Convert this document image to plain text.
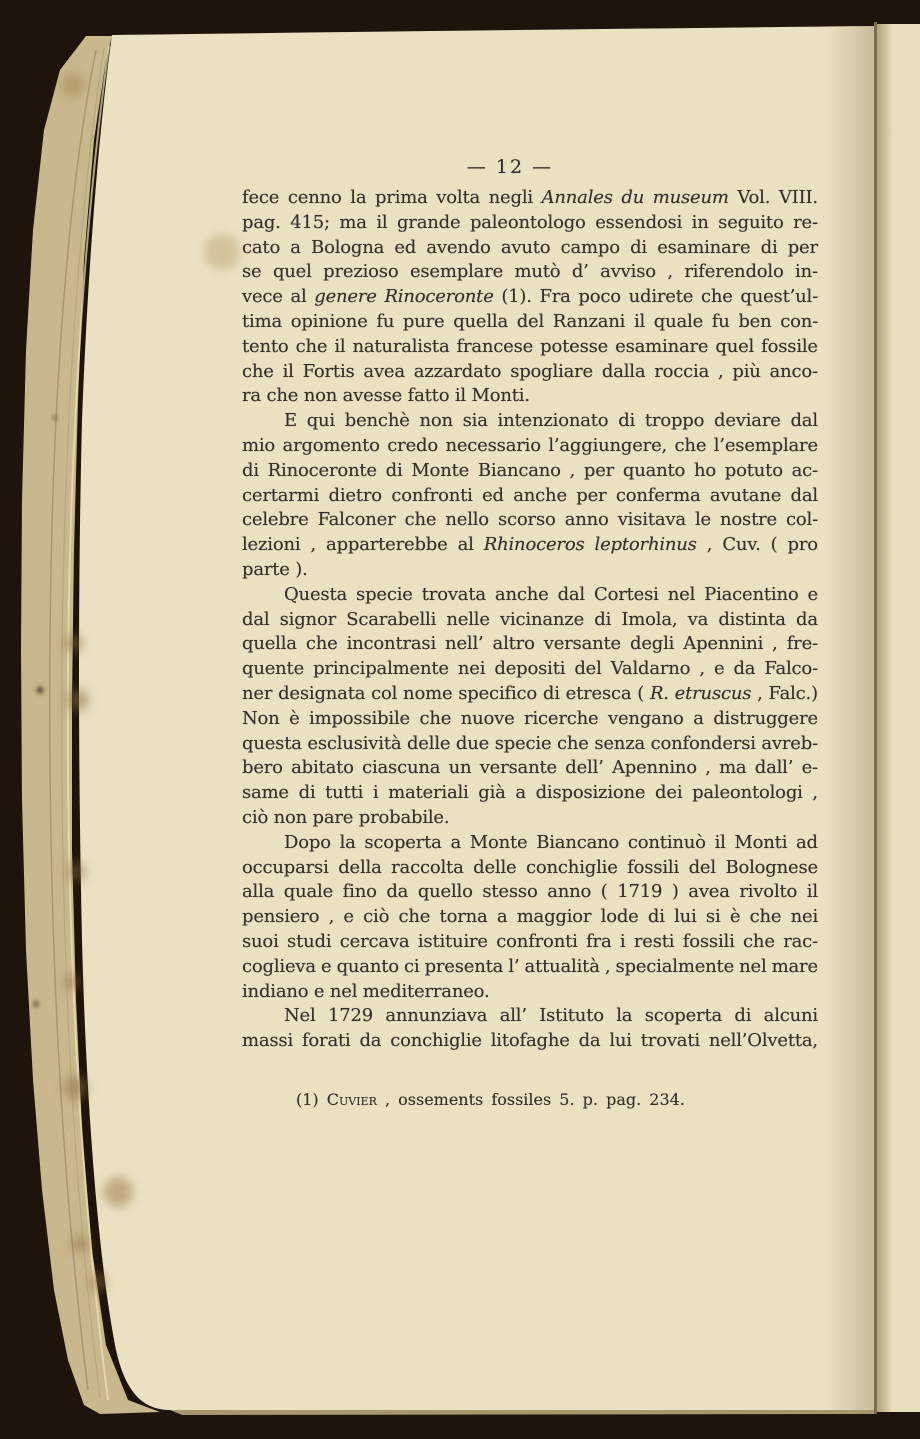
— 12 —
fece cenno la prima volta negli Annales du museum Vol. VIII.
pag. 415; ma il grande paleontologo essendosi in seguito re-
cato a Bologna ed avendo avuto campo di esaminare di per
se quel prezioso esemplare mutò d’ avviso , riferendolo in-
vece al genere Rinoceronte (1). Fra poco udirete che quest’ul-
tima opinione fu pure quella del Ranzani il quale fu ben con-
tento che il naturalista francese potesse esaminare quel fossile
che il Fortis avea azzardato spogliare dalla roccia , più anco-
ra che non avesse fatto il Monti.
E qui benchè non sia intenzionato di troppo deviare dal
mio argomento credo necessario l’aggiungere, che l’esemplare
di Rinoceronte di Monte Biancano , per quanto ho potuto ac-
certarmi dietro confronti ed anche per conferma avutane dal
celebre Falconer che nello scorso anno visitava le nostre col-
lezioni , apparterebbe al Rhinoceros leptorhinus , Cuv. ( pro
parte ).
Questa specie trovata anche dal Cortesi nel Piacentino e
dal signor Scarabelli nelle vicinanze di Imola, va distinta da
quella che incontrasi nell’ altro versante degli Apennini , fre-
quente principalmente nei depositi del Valdarno , e da Falco-
ner designata col nome specifico di etresca ( R. etruscus , Falc.)
Non è impossibile che nuove ricerche vengano a distruggere
questa esclusività delle due specie che senza confondersi avreb-
bero abitato ciascuna un versante dell’ Apennino , ma dall’ e-
same di tutti i materiali già a disposizione dei paleontologi ,
ciò non pare probabile.
Dopo la scoperta a Monte Biancano continuò il Monti ad
occuparsi della raccolta delle conchiglie fossili del Bolognese
alla quale fino da quello stesso anno ( 1719 ) avea rivolto il
pensiero , e ciò che torna a maggior lode di lui si è che nei
suoi studi cercava istituire confronti fra i resti fossili che rac-
coglieva e quanto ci presenta l’ attualità , specialmente nel mare
indiano e nel mediterraneo.
Nel 1729 annunziava all’ Istituto la scoperta di alcuni
massi forati da conchiglie litofaghe da lui trovati nell’Olvetta,
(1) Cuvier , ossements fossiles 5. p. pag. 234.
